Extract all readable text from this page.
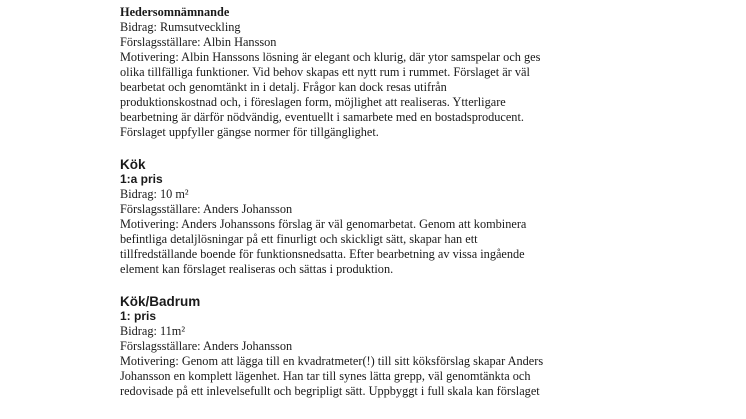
Hedersomnämnande

Bidrag: Rumsutveckling

Förslagsställare: Albin Hansson

Motivering: Albin Hanssons lösning är elegant och klurig, där ytor samspelar och ges

olika tillfälliga funktioner. Vid behov skapas ett nytt rum i rummet. Förslaget är väl

bearbetat och genomtänkt in i detalj. Frågor kan dock resas utifrån

produktionskostnad och, i föreslagen form, möjlighet att realiseras. Ytterligare

bearbetning är därför nödvändig, eventuellt i samarbete med en bostadsproducent.

Förslaget uppfyller gängse normer för tillgänglighet.

Kök

1:a pris

Bidrag: 10 m²

Förslagsställare: Anders Johansson

Motivering: Anders Johanssons förslag är väl genomarbetat. Genom att kombinera

befintliga detaljlösningar på ett finurligt och skickligt sätt, skapar han ett

tillfredställande boende för funktionsnedsatta. Efter bearbetning av vissa ingående

element kan förslaget realiseras och sättas i produktion.

Kök/Badrum

1: pris

Bidrag: 11m²

Förslagsställare: Anders Johansson

Motivering: Genom att lägga till en kvadratmeter(!) till sitt köksförslag skapar Anders

Johansson en komplett lägenhet. Han tar till synes lätta grepp, väl genomtänkta och

redovisade på ett inlevelsefullt och begripligt sätt. Uppbyggt i full skala kan förslaget
